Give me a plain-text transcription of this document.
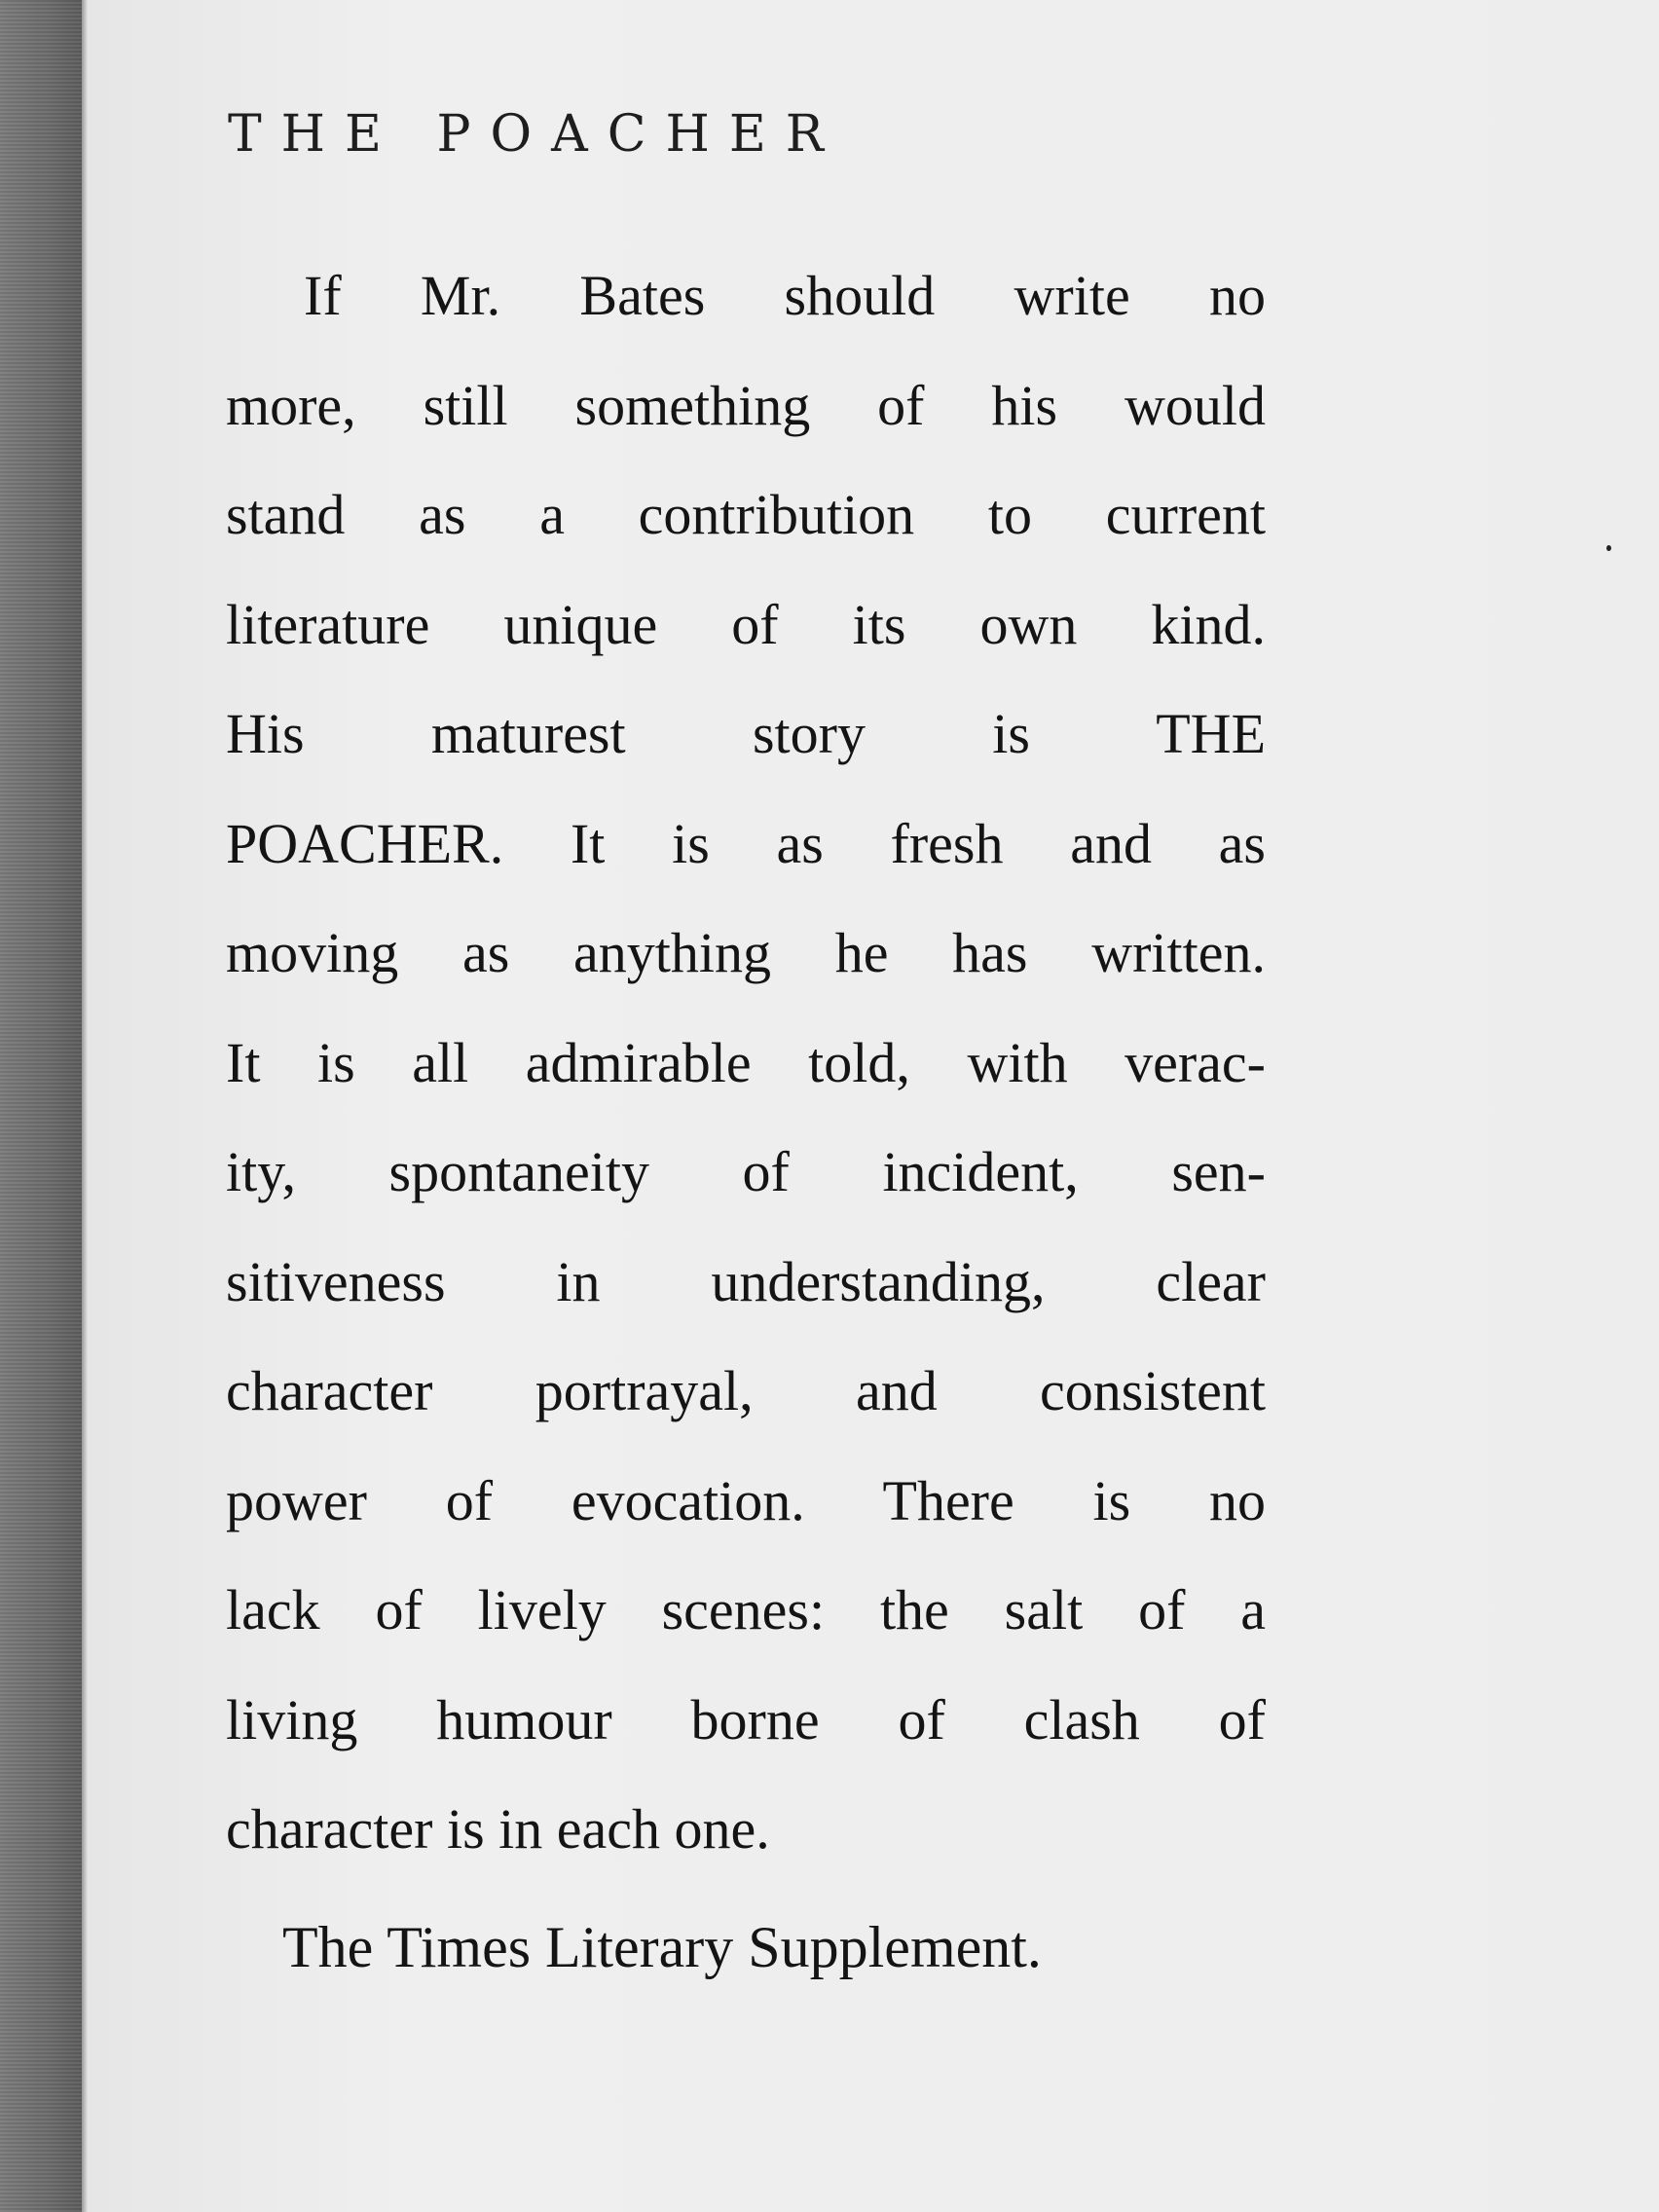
THE POACHER
If Mr. Bates should write no
more, still something of his would
stand as a contribution to current
literature unique of its own kind.
His maturest story is THE
POACHER. It is as fresh and as
moving as anything he has written.
It is all admirable told, with verac-
ity, spontaneity of incident, sen-
sitiveness in understanding, clear
character portrayal, and consistent
power of evocation. There is no
lack of lively scenes: the salt of a
living humour borne of clash of
character is in each one.

The Times Literary Supplement.
